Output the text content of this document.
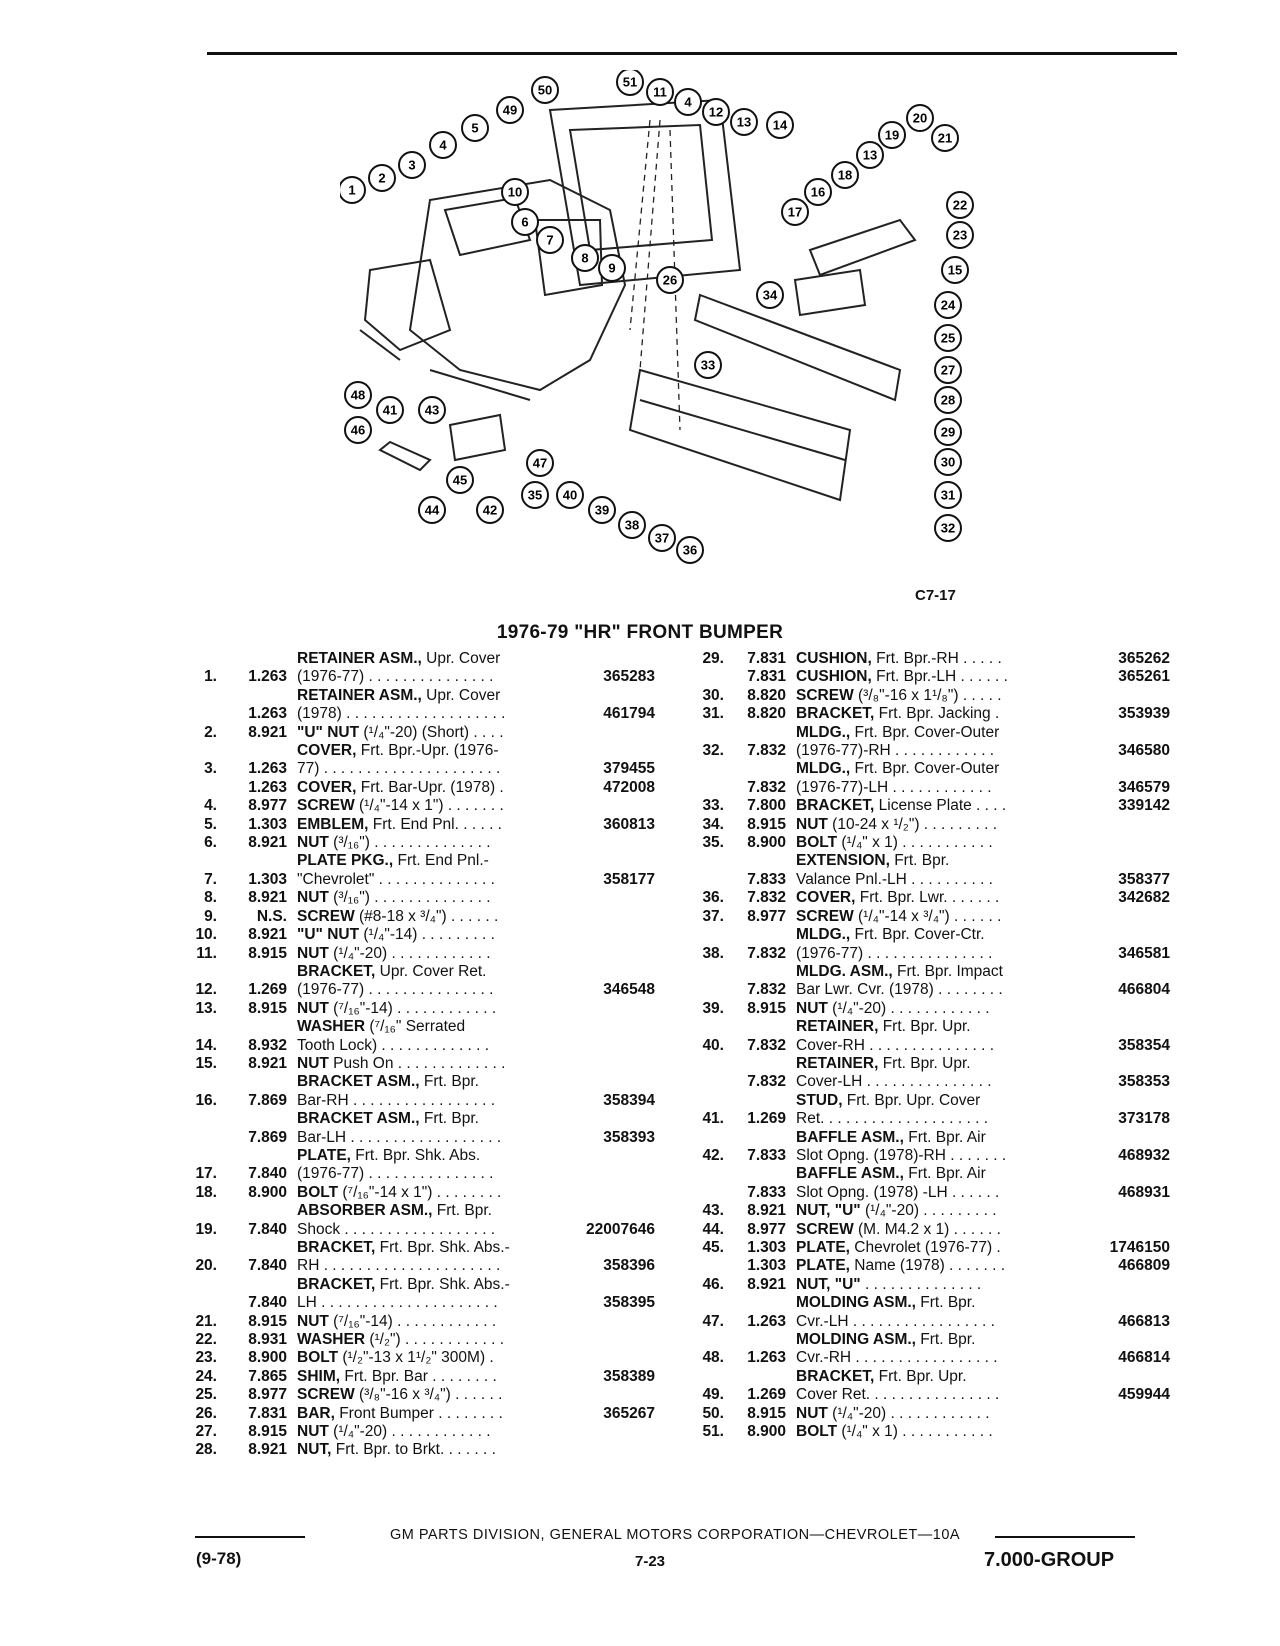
50
51
11
4
12
13 14
49
5
4
3
2
1	10
6
7
8
9
20
19	21
13
18
16
17	22
23
15
24
25
26
34
33	27
28
29
30
31
32
48
41 43
46
47
45
42
44
35 40
39
38
37
36
C7-17
1976-79 "HR" FRONT BUMPER
1.	1.263
RETAINER ASM., Upr. Cover
(1976-77) . . . . . . . . . . . . . . .	365283
1.263
RETAINER ASM., Upr. Cover
(1978) . . . . . . . . . . . . . . . . . . .	461794
2.	8.921 "U" NUT (¹/₄"-20) (Short) . . . .
3.	1.263
COVER, Frt. Bpr.-Upr. (1976-
77) . . . . . . . . . . . . . . . . . . . . .	379455
1.263 COVER, Frt. Bar-Upr. (1978) .	472008
4.	8.977 SCREW (¹/₄"-14 x 1") . . . . . . .
5.	1.303 EMBLEM, Frt. End Pnl. . . . . .	360813
6.	8.921 NUT (³/₁₆") . . . . . . . . . . . . . .
7.	1.303
PLATE PKG., Frt. End Pnl.-
"Chevrolet" . . . . . . . . . . . . . .	358177
8.	8.921 NUT (³/₁₆") . . . . . . . . . . . . . .
9.	N.S. SCREW (#8-18 x ³/₄") . . . . . .
10.	8.921 "U" NUT (¹/₄"-14) . . . . . . . . .
11.	8.915 NUT (¹/₄"-20) . . . . . . . . . . . .
12.	1.269
BRACKET, Upr. Cover Ret.
(1976-77) . . . . . . . . . . . . . . .	346548
13.	8.915 NUT (⁷/₁₆"-14) . . . . . . . . . . . .
14.	8.932
WASHER (⁷/₁₆" Serrated
Tooth Lock) . . . . . . . . . . . . .
15.	8.921 NUT Push On . . . . . . . . . . . . .
16.	7.869
BRACKET ASM., Frt. Bpr.
Bar-RH . . . . . . . . . . . . . . . . .	358394
7.869
BRACKET ASM., Frt. Bpr.
Bar-LH . . . . . . . . . . . . . . . . . .	358393
17.	7.840
PLATE, Frt. Bpr. Shk. Abs.
(1976-77) . . . . . . . . . . . . . . .
18.	8.900 BOLT (⁷/₁₆"-14 x 1") . . . . . . . .
19.	7.840
ABSORBER ASM., Frt. Bpr.
Shock . . . . . . . . . . . . . . . . . .	22007646
20.	7.840
BRACKET, Frt. Bpr. Shk. Abs.-
RH . . . . . . . . . . . . . . . . . . . . .	358396
7.840
BRACKET, Frt. Bpr. Shk. Abs.-
LH . . . . . . . . . . . . . . . . . . . . .	358395
21.	8.915 NUT (⁷/₁₆"-14) . . . . . . . . . . . .
22.	8.931 WASHER (¹/₂") . . . . . . . . . . . .
23.	8.900 BOLT (¹/₂"-13 x 1¹/₂" 300M) .
24.	7.865 SHIM, Frt. Bpr. Bar . . . . . . . .	358389
25.	8.977 SCREW (³/₈"-16 x ³/₄") . . . . . .
26.	7.831 BAR, Front Bumper . . . . . . . .	365267
27.	8.915 NUT (¹/₄"-20) . . . . . . . . . . . .
28.	8.921 NUT, Frt. Bpr. to Brkt. . . . . . .
29.	7.831 CUSHION, Frt. Bpr.-RH . . . . .	365262
7.831 CUSHION, Frt. Bpr.-LH . . . . . .	365261
30.	8.820 SCREW (³/₈"-16 x 1¹/₈") . . . . .
31.	8.820 BRACKET, Frt. Bpr. Jacking .	353939
32.	7.832
MLDG., Frt. Bpr. Cover-Outer
(1976-77)-RH . . . . . . . . . . . .	346580
7.832
MLDG., Frt. Bpr. Cover-Outer
(1976-77)-LH . . . . . . . . . . . .	346579
33.	7.800 BRACKET, License Plate . . . .	339142
34.	8.915 NUT (10-24 x ¹/₂") . . . . . . . . .
35.	8.900 BOLT (¹/₄" x 1) . . . . . . . . . . .
7.833
EXTENSION, Frt. Bpr.
Valance Pnl.-LH . . . . . . . . . .	358377
36.	7.832 COVER, Frt. Bpr. Lwr. . . . . . .	342682
37.	8.977 SCREW (¹/₄"-14 x ³/₄") . . . . . .
38.	7.832
MLDG., Frt. Bpr. Cover-Ctr.
(1976-77) . . . . . . . . . . . . . . .	346581
7.832
MLDG. ASM., Frt. Bpr. Impact
Bar Lwr. Cvr. (1978) . . . . . . . .	466804
39.	8.915 NUT (¹/₄"-20) . . . . . . . . . . . .
40.	7.832
RETAINER, Frt. Bpr. Upr.
Cover-RH . . . . . . . . . . . . . . .	358354
7.832
RETAINER, Frt. Bpr. Upr.
Cover-LH . . . . . . . . . . . . . . .	358353
41.	1.269
STUD, Frt. Bpr. Upr. Cover
Ret. . . . . . . . . . . . . . . . . . . .	373178
42.	7.833
BAFFLE ASM., Frt. Bpr. Air
Slot Opng. (1978)-RH . . . . . . .	468932
7.833
BAFFLE ASM., Frt. Bpr. Air
Slot Opng. (1978) -LH . . . . . .	468931
43.	8.921 NUT, "U" (¹/₄"-20) . . . . . . . . .
44.	8.977 SCREW (M. M4.2 x 1) . . . . . .
45.	1.303 PLATE, Chevrolet (1976-77) .	1746150
1.303 PLATE, Name (1978) . . . . . . .	466809
46.	8.921 NUT, "U" . . . . . . . . . . . . . .
47.	1.263
MOLDING ASM., Frt. Bpr.
Cvr.-LH . . . . . . . . . . . . . . . . .	466813
48.	1.263
MOLDING ASM., Frt. Bpr.
Cvr.-RH . . . . . . . . . . . . . . . . .	466814
49.	1.269
BRACKET, Frt. Bpr. Upr.
Cover Ret. . . . . . . . . . . . . . . .	459944
50.	8.915 NUT (¹/₄"-20) . . . . . . . . . . . .
51.	8.900 BOLT (¹/₄" x 1) . . . . . . . . . . .
GM PARTS DIVISION, GENERAL MOTORS CORPORATION—CHEVROLET—10A
(9-78)	7-23	7.000-GROUP
